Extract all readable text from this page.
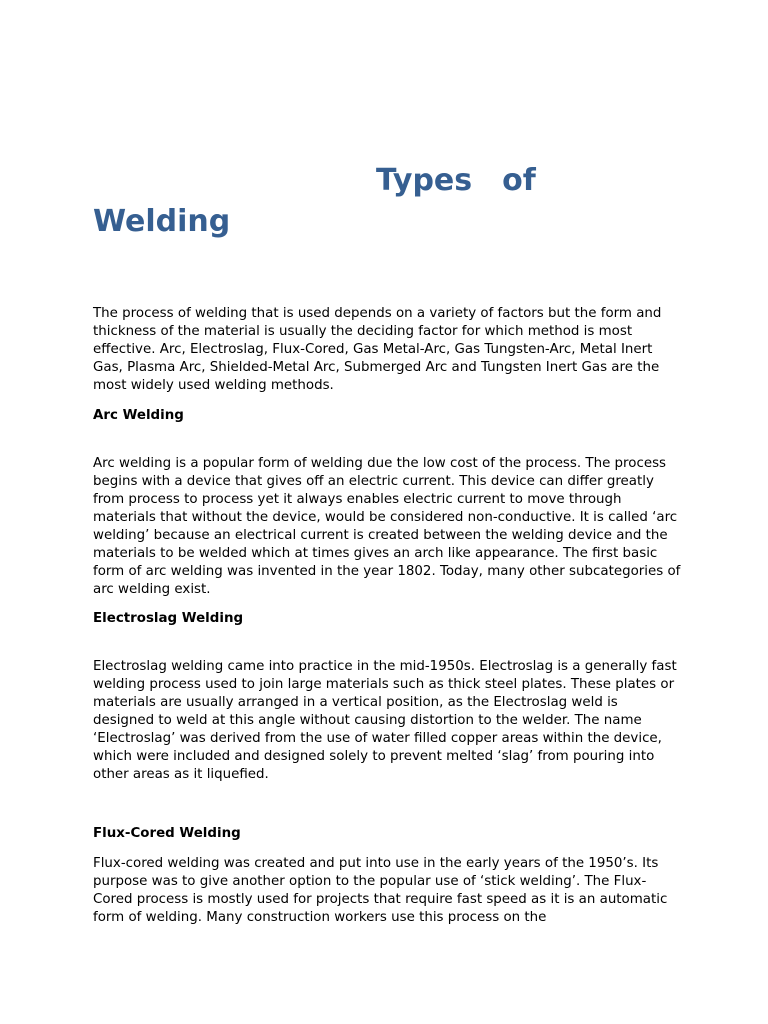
Types of
Welding

The process of welding that is used depends on a variety of factors but the form and thickness of the material is usually the deciding factor for which method is most effective. Arc, Electroslag, Flux-Cored, Gas Metal-Arc, Gas Tungsten-Arc, Metal Inert Gas, Plasma Arc, Shielded-Metal Arc, Submerged Arc and Tungsten Inert Gas are the most widely used welding methods.

Arc Welding

Arc welding is a popular form of welding due the low cost of the process. The process begins with a device that gives off an electric current. This device can differ greatly from process to process yet it always enables electric current to move through materials that without the device, would be considered non-conductive. It is called ‘arc welding’ because an electrical current is created between the welding device and the materials to be welded which at times gives an arch like appearance. The first basic form of arc welding was invented in the year 1802. Today, many other subcategories of arc welding exist.

Electroslag Welding

Electroslag welding came into practice in the mid-1950s. Electroslag is a generally fast welding process used to join large materials such as thick steel plates. These plates or materials are usually arranged in a vertical position, as the Electroslag weld is designed to weld at this angle without causing distortion to the welder. The name ‘Electroslag’ was derived from the use of water filled copper areas within the device, which were included and designed solely to prevent melted ‘slag’ from pouring into other areas as it liquefied.

Flux-Cored Welding

Flux-cored welding was created and put into use in the early years of the 1950’s. Its purpose was to give another option to the popular use of ‘stick welding’. The Flux-Cored process is mostly used for projects that require fast speed as it is an automatic form of welding. Many construction workers use this process on the
